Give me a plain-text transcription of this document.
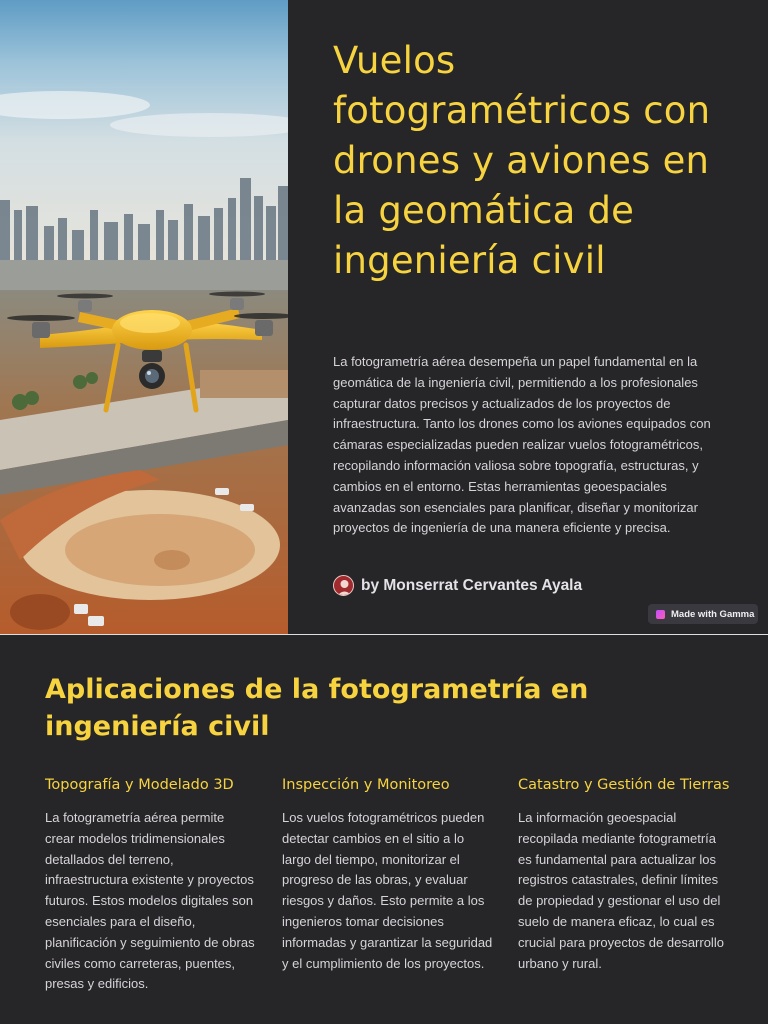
Vuelos fotogramétricos con drones y aviones en la geomática de ingeniería civil

La fotogrametría aérea desempeña un papel fundamental en la geomática de la ingeniería civil, permitiendo a los profesionales capturar datos precisos y actualizados de los proyectos de infraestructura. Tanto los drones como los aviones equipados con cámaras especializadas pueden realizar vuelos fotogramétricos, recopilando información valiosa sobre topografía, estructuras, y cambios en el entorno. Estas herramientas geoespaciales avanzadas son esenciales para planificar, diseñar y monitorizar proyectos de ingeniería de una manera eficiente y precisa.

by Monserrat Cervantes Ayala
Made with Gamma
Aplicaciones de la fotogrametría en ingeniería civil
Topografía y Modelado 3D

La fotogrametría aérea permite crear modelos tridimensionales detallados del terreno, infraestructura existente y proyectos futuros. Estos modelos digitales son esenciales para el diseño, planificación y seguimiento de obras civiles como carreteras, puentes, presas y edificios.

Inspección y Monitoreo

Los vuelos fotogramétricos pueden detectar cambios en el sitio a lo largo del tiempo, monitorizar el progreso de las obras, y evaluar riesgos y daños. Esto permite a los ingenieros tomar decisiones informadas y garantizar la seguridad y el cumplimiento de los proyectos.

Catastro y Gestión de Tierras

La información geoespacial recopilada mediante fotogrametría es fundamental para actualizar los registros catastrales, definir límites de propiedad y gestionar el uso del suelo de manera eficaz, lo cual es crucial para proyectos de desarrollo urbano y rural.
